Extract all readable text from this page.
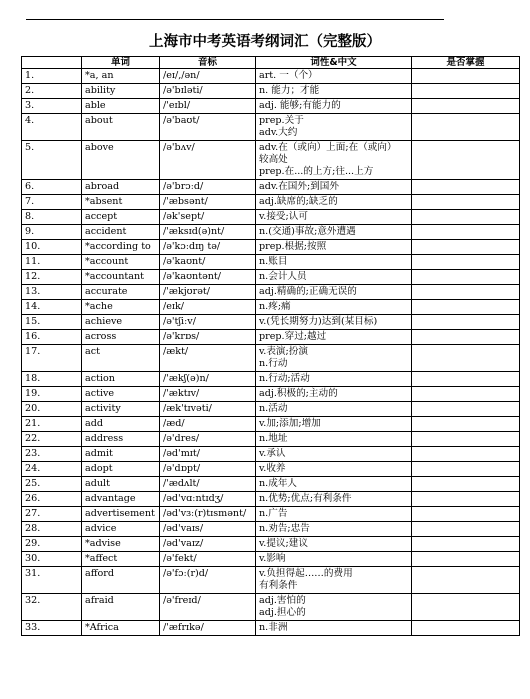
上海市中考英语考纲词汇（完整版）
	单词	音标	词性&中文	是否掌握
1.	*a, an	/eɪ/,/ən/	art. 一（个）	

2.	ability	/ə'bɪləti/	n. 能力；才能	

3.	able	/'eɪbl/	adj. 能够;有能力的	

4.	about	/ə'baʊt/	prep.关于
adv.大约	

5.	above	/ə'bʌv/	adv.在（或向）上面;在（或向）
较高处
prep.在...的上方;往...上方	

6.	abroad	/ə'brɔːd/	adv.在国外;到国外	

7.	*absent	/'æbsənt/	adj.缺席的;缺乏的	

8.	accept	/ək'sept/	v.接受;认可	

9.	accident	/'æksɪd(ə)nt/	n.(交通)事故;意外遭遇	

10.	*according to	/ə'kɔːdɪŋ tə/	prep.根据;按照	

11.	*account	/ə'kaʊnt/	n.账目	

12.	*accountant	/ə'kaʊntənt/	n.会计人员	

13.	accurate	/'ækjʊrət/	adj.精确的;正确无误的	

14.	*ache	/eɪk/	n.疼;痛	

15.	achieve	/ə'tʃiːv/	v.(凭长期努力)达到(某目标)	

16.	across	/ə'krɒs/	prep.穿过;越过	

17.	act	/ækt/	v.表演;扮演
n.行动	

18.	action	/'ækʃ(ə)n/	n.行动;活动	

19.	active	/'æktɪv/	adj.积极的;主动的	

20.	activity	/æk'tɪvəti/	n.活动	

21.	add	/æd/	v.加;添加;增加	

22.	address	/ə'dres/	n.地址	

23.	admit	/əd'mɪt/	v.承认	

24.	adopt	/ə'dɒpt/	v.收养	

25.	adult	/'ædʌlt/	n.成年人	

26.	advantage	/əd'vɑːntɪdʒ/	n.优势;优点;有利条件	

27.	advertisement	/əd'vɜː(r)tɪsmənt/	n.广告	

28.	advice	/əd'vaɪs/	n.劝告;忠告	

29.	*advise	/əd'vaɪz/	v.提议;建议	

30.	*affect	/ə'fekt/	v.影响	

31.	afford	/ə'fɔː(r)d/	v.负担得起……的费用
有利条件	

32.	afraid	/ə'freɪd/	adj.害怕的
adj.担心的	

33.	*Africa	/'æfrɪkə/	n.非洲	
